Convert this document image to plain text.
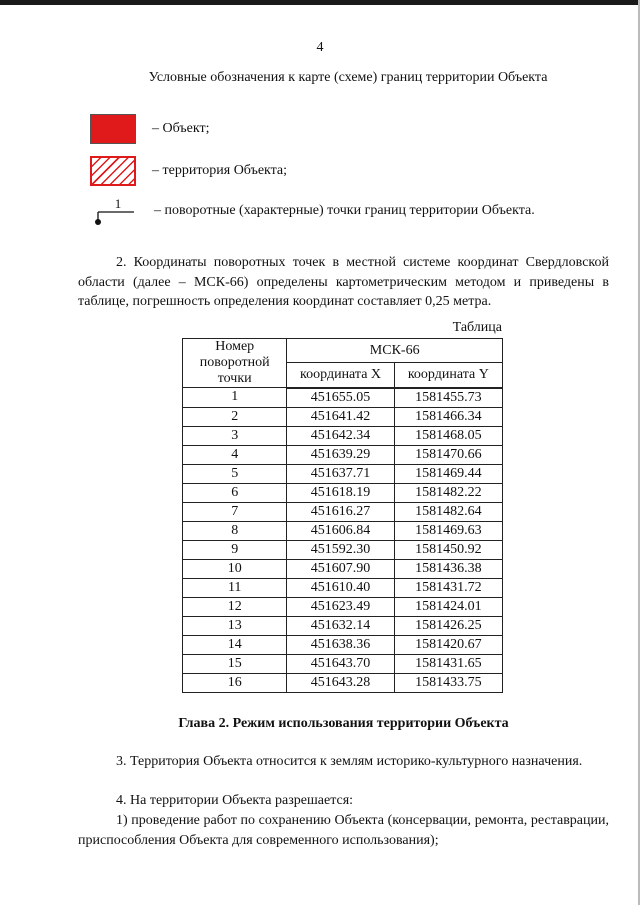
4
Условные обозначения к карте (схеме) границ территории Объекта
– Объект;
– территория Объекта;
1 – поворотные (характерные) точки границ территории Объекта.
2. Координаты поворотных точек в местной системе координат Свердловской области (далее – МСК-66) определены картометрическим методом и приведены в таблице, погрешность определения координат составляет 0,25 метра.
Таблица
Номер поворотной точки	МСК-66	
	координата X	координата Y
1	451655.05	1581455.73
2	451641.42	1581466.34
3	451642.34	1581468.05
4	451639.29	1581470.66
5	451637.71	1581469.44
6	451618.19	1581482.22
7	451616.27	1581482.64
8	451606.84	1581469.63
9	451592.30	1581450.92
10	451607.90	1581436.38
11	451610.40	1581431.72
12	451623.49	1581424.01
13	451632.14	1581426.25
14	451638.36	1581420.67
15	451643.70	1581431.65
16	451643.28	1581433.75
Глава 2. Режим использования территории Объекта
3. Территория Объекта относится к землям историко-культурного назначения.
4. На территории Объекта разрешается:
1) проведение работ по сохранению Объекта (консервации, ремонта, реставрации, приспособления Объекта для современного использования);
